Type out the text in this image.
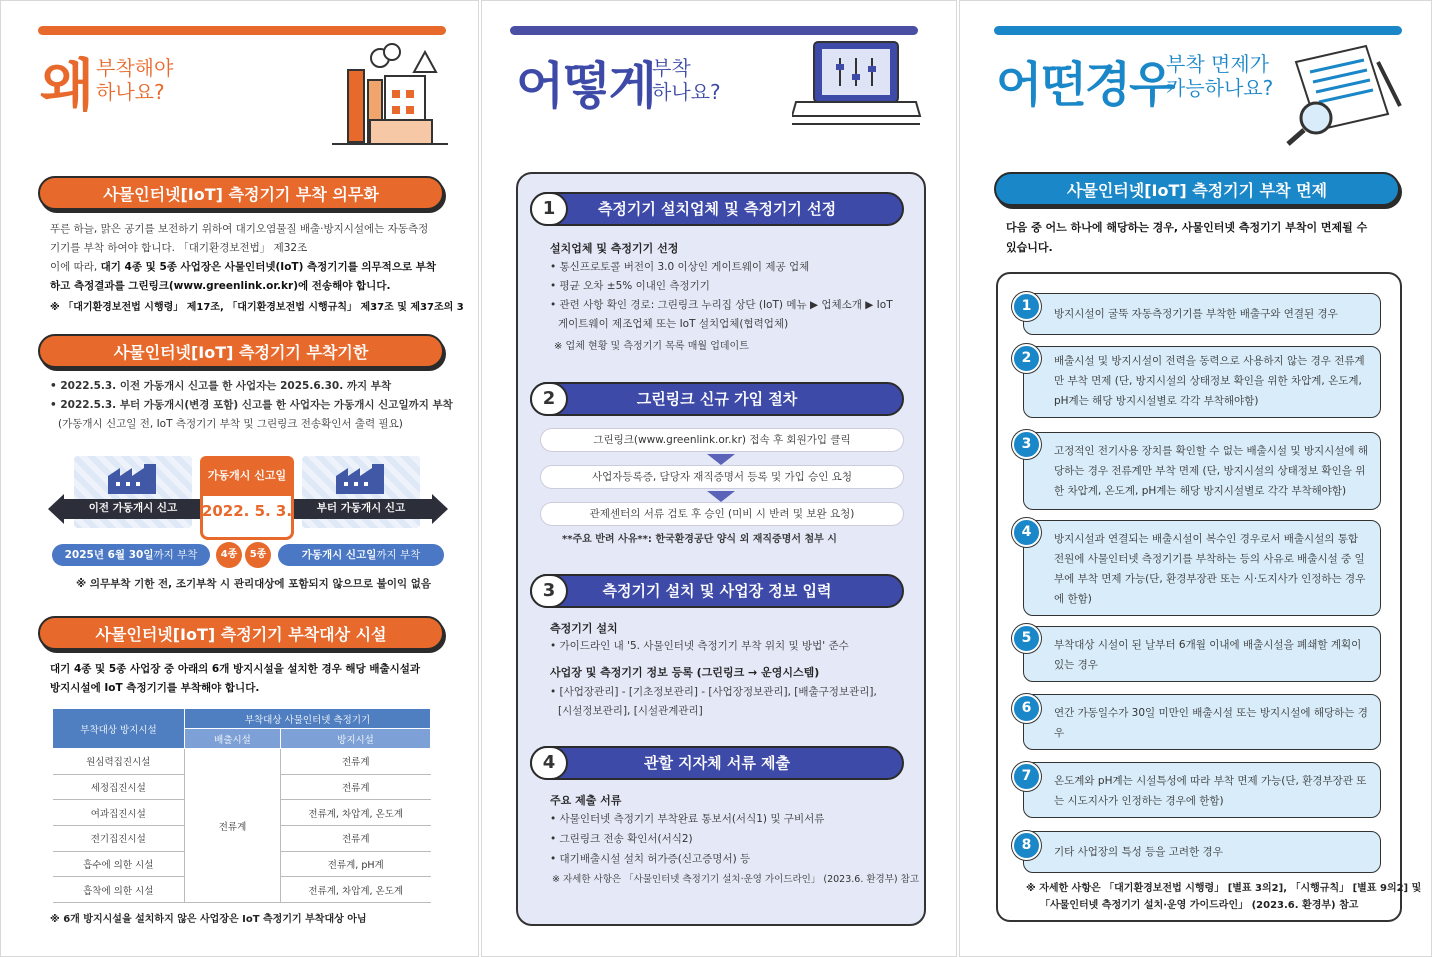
왜 부착해야
하나요?
사물인터넷[IoT] 측정기기 부착 의무화
푸른 하늘, 맑은 공기를 보전하기 위하여 대기오염물질 배출·방지시설에는 자동측정
기기를 부착 하여야 합니다. 「대기환경보전법」 제32조
이에 따라, 대기 4종 및 5종 사업장은 사물인터넷(IoT) 측정기기를 의무적으로 부착
하고 측정결과를 그린링크(www.greenlink.or.kr)에 전송해야 합니다.
※ 「대기환경보전법 시행령」 제17조, 「대기환경보전법 시행규칙」 제37조 및 제37조의 3
사물인터넷[IoT] 측정기기 부착기한
• 2022.5.3. 이전 가동개시 신고를 한 사업자는 2025.6.30. 까지 부착
• 2022.5.3. 부터 가동개시(변경 포함) 신고를 한 사업자는 가동개시 신고일까지 부착
(가동개시 신고일 전, IoT 측정기기 부착 및 그린링크 전송확인서 출력 필요)
이전 가동개시 신고	부터 가동개시 신고
가동개시 신고일
2022. 5. 3.
2025년 6월 30일까지 부착	4종	5종	가동개시 신고일까지 부착
※ 의무부착 기한 전, 조기부착 시 관리대상에 포함되지 않으므로 불이익 없음
사물인터넷[IoT] 측정기기 부착대상 시설
대기 4종 및 5종 사업장 중 아래의 6개 방지시설을 설치한 경우 해당 배출시설과
방지시설에 IoT 측정기기를 부착해야 합니다.
부착대상 방지시설	부착대상 사물인터넷 측정기기	
	배출시설	방지시설
원심력집진시설	전류계	전류계
세정집진시설		전류계
여과집진시설		전류계, 차압계, 온도계
전기집진시설		전류계
흡수에 의한 시설		전류계, pH계
흡착에 의한 시설		전류계, 차압계, 온도계
※ 6개 방지시설을 설치하지 않은 사업장은 IoT 측정기기 부착대상 아님
어떻게
부착
하나요?
1	측정기기 설치업체 및 측정기기 선정
설치업체 및 측정기기 선정
• 통신프로토콜 버전이 3.0 이상인 게이트웨이 제공 업체
• 평균 오차 ±5% 이내인 측정기기
• 관련 사항 확인 경로: 그린링크 누리집 상단 (IoT) 메뉴 ▶ 업체소개 ▶ IoT
게이트웨이 제조업체 또는 IoT 설치업체(협력업체)
※ 업체 현황 및 측정기기 목록 매월 업데이트
2	그린링크 신규 가입 절차
그린링크(www.greenlink.or.kr) 접속 후 회원가입 클릭
사업자등록증, 담당자 재직증명서 등록 및 가입 승인 요청
관제센터의 서류 검토 후 승인 (미비 시 반려 및 보완 요청)
**주요 반려 사유**: 한국환경공단 양식 외 재직증명서 첨부 시
3	측정기기 설치 및 사업장 정보 입력
측정기기 설치
• 가이드라인 내 '5. 사물인터넷 측정기기 부착 위치 및 방법' 준수
사업장 및 측정기기 정보 등록 (그린링크 → 운영시스템)
• [사업장관리] - [기초정보관리] - [사업장정보관리], [배출구정보관리],
[시설정보관리], [시설관계관리]
4	관할 지자체 서류 제출
주요 제출 서류
• 사물인터넷 측정기기 부착완료 통보서(서식1) 및 구비서류
• 그린링크 전송 확인서(서식2)
• 대기배출시설 설치 허가증(신고증명서) 등
※ 자세한 사항은 「사물인터넷 측정기기 설치·운영 가이드라인」 (2023.6. 환경부) 참고
어떤경우
부착 면제가
가능하나요?
사물인터넷[IoT] 측정기기 부착 면제
다음 중 어느 하나에 해당하는 경우, 사물인터넷 측정기기 부착이 면제될 수
있습니다.
방지시설이 굴뚝 자동측정기기를 부착한 배출구와 연결된 경우
1
배출시설 및 방지시설이 전력을 동력으로 사용하지 않는 경우 전류계만 부착 면제 (단, 방지시설의 상태정보 확인을 위한 차압계, 온도계, pH계는 해당 방지시설별로 각각 부착해야함)
2
고정적인 전기사용 장치를 확인할 수 없는 배출시설 및 방지시설에 해당하는 경우 전류계만 부착 면제 (단, 방지시설의 상태정보 확인을 위한 차압계, 온도계, pH계는 해당 방지시설별로 각각 부착해야함)
3
방지시설과 연결되는 배출시설이 복수인 경우로서 배출시설의 통합 전원에 사물인터넷 측정기기를 부착하는 등의 사유로 배출시설 중 일부에 부착 면제 가능(단, 환경부장관 또는 시·도지사가 인정하는 경우에 한함)
4
부착대상 시설이 된 날부터 6개월 이내에 배출시설을 폐쇄할 계획이 있는 경우
5
연간 가동일수가 30일 미만인 배출시설 또는 방지시설에 해당하는 경우
6
온도계와 pH계는 시설특성에 따라 부착 면제 가능(단, 환경부장관 또는 시도지사가 인정하는 경우에 한함)
7
기타 사업장의 특성 등을 고려한 경우
8
※ 자세한 사항은 「대기환경보전법 시행령」 [별표 3의2], 「시행규칙」 [별표 9의2] 및
「사물인터넷 측정기기 설치·운영 가이드라인」 (2023.6. 환경부) 참고
